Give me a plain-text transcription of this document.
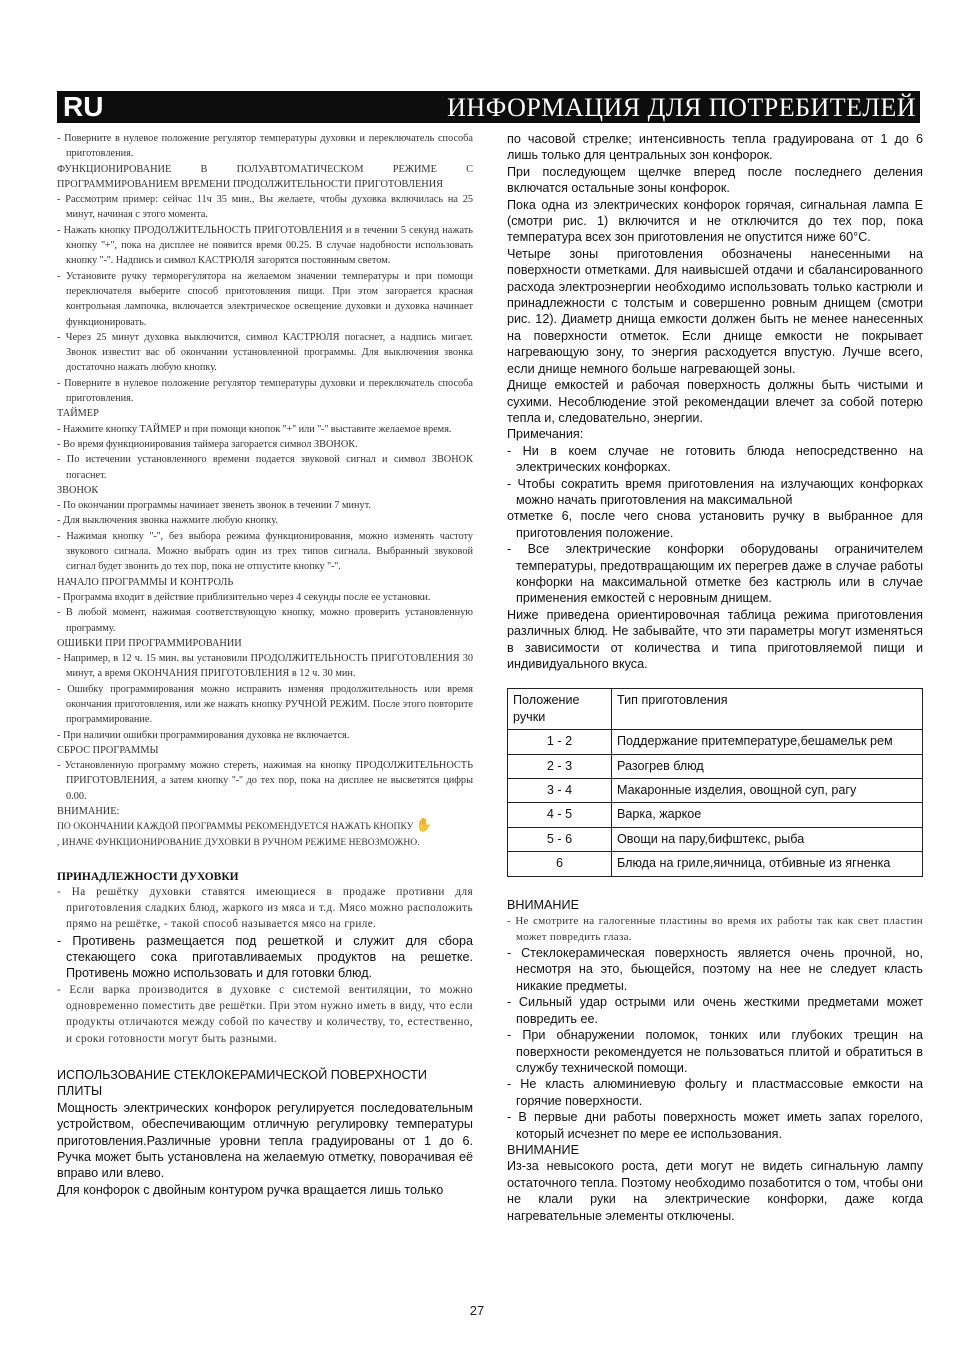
RU	ИНФОРМАЦИЯ ДЛЯ ПОТРЕБИТЕЛЕЙ

- Поверните в нулевое положение регулятор температуры духовки и переключатель способа приготовления.

ФУНКЦИОНИРОВАНИЕ В ПОЛУАВТОМАТИЧЕСКОМ РЕЖИМЕ С ПРОГРАММИРОВАНИЕМ ВРЕМЕНИ ПРОДОЛЖИТЕЛЬНОСТИ ПРИГОТОВЛЕНИЯ

- Рассмотрим пример: сейчас 11ч 35 мин., Вы желаете, чтобы духовка включилась на 25 минут, начиная с этого момента.

- Нажать кнопку ПРОДОЛЖИТЕЛЬНОСТЬ ПРИГОТОВЛЕНИЯ и в течении 5 секунд нажать кнопку ''+'', пока на дисплее не появится время 00.25. В случае надобности использовать кнопку ''-''. Надпись и символ КАСТРЮЛЯ загорятся постоянным светом.

- Установите ручку терморегулятора на желаемом значении температуры и при помощи переключателя выберите способ приготовления пищи. При этом загорается красная контрольная лампочка, включается электрическое освещение духовки и духовка начинает функционировать.

- Через 25 минут духовка выключится, символ КАСТРЮЛЯ погаснет, а надпись мигает. Звонок известит вас об окончании установленной программы. Для выключения звонка достаточно нажать любую кнопку.

- Поверните в нулевое положение регулятор температуры духовки и переключатель способа приготовления.

ТАЙМЕР

- Нажмите кнопку ТАЙМЕР и при помощи кнопок ''+'' или ''-'' выставите желаемое время.

- Во время функционирования таймера загорается символ ЗВОНОК.

- По истечении установленного времени подается звуковой сигнал и символ ЗВОНОК погаснет.

ЗВОНОК

- По окончании программы начинает звенеть звонок в течении 7 минут.

- Для выключения звонка нажмите любую кнопку.

- Нажимая кнопку ''-'', без выбора режима функционирования, можно изменять частоту звукового сигнала. Можно выбрать один из трех типов сигнала. Выбранный звуковой сигнал будет звонить до тех пор, пока не отпустите кнопку ''-''.

НАЧАЛО ПРОГРАММЫ И КОНТРОЛЬ

- Программа входит в действие приблизительно через 4 секунды после ее установки.

- В любой момент, нажимая соответствующую кнопку, можно проверить установленную программу.

ОШИБКИ ПРИ ПРОГРАММИРОВАНИИ

- Например, в 12 ч. 15 мин. вы установили ПРОДОЛЖИТЕЛЬНОСТЬ ПРИГОТОВЛЕНИЯ 30 минут, а время ОКОНЧАНИЯ ПРИГОТОВЛЕНИЯ в 12 ч. 30 мин.

- Ошибку программирования можно исправить изменяя продолжительность или время окончания приготовления, или же нажать кнопку РУЧНОЙ РЕЖИМ. После этого повторите программирование.

- При наличии ошибки программирования духовка не включается.

СБРОС ПРОГРАММЫ

- Установленную программу можно стереть, нажимая на кнопку ПРОДОЛЖИТЕЛЬНОСТЬ ПРИГОТОВЛЕНИЯ, а затем кнопку ''-'' до тех пор, пока на дисплее не высветятся цифры 0.00.

ВНИМАНИЕ:

ПО ОКОНЧАНИИ КАЖДОЙ ПРОГРАММЫ РЕКОМЕНДУЕТСЯ НАЖАТЬ КНОПКУ ✋
, ИНАЧЕ ФУНКЦИОНИРОВАНИЕ ДУХОВКИ В РУЧНОМ РЕЖИМЕ НЕВОЗМОЖНО.

ПРИНАДЛЕЖНОСТИ ДУХОВКИ

- На решётку духовки ставятся имеющиеся в продаже противни для приготовления сладких блюд, жаркого из мяса и т.д. Мясо можно расположить прямо на решётке, - такой способ называется мясо на гриле.

- Противень размещается под решеткой и служит для сбора стекающего сока приготавливаемых продуктов на решетке. Противень можно использовать и для готовки блюд.

- Если варка производится в духовке с системой вентиляции, то можно одновременно поместить две решётки. При этом нужно иметь в виду, что если продукты отличаются между собой по качеству и количеству, то, естественно, и сроки готовности могут быть разными.

ИСПОЛЬЗОВАНИЕ СТЕКЛОКЕРАМИЧЕСКОЙ ПОВЕРХНОСТИ ПЛИТЫ

Мощность электрических конфорок регулируется последовательным устройством, обеспечивающим отличную регулировку температуры приготовления.Различные уровни тепла градуированы от 1 до 6. Ручка может быть установлена на желаемую отметку, поворачивая её вправо или влево.

Для конфорок с двойным контуром ручка вращается лишь только

по часовой стрелке; интенсивность тепла градуирована от 1 до 6 лишь только для центральных зон конфорок.

При последующем щелчке вперед после последнего деления включатся остальные зоны конфорок.

Пока одна из электрических конфорок горячая, сигнальная лампа E (смотри рис. 1) включится и не отключится до тех пор, пока температура всех зон приготовления не опустится ниже 60°C.

Четыре зоны приготовления обозначены нанесенными на поверхности отметками. Для наивысшей отдачи и сбалансированного расхода электроэнергии необходимо использовать только кастрюли и принадлежности с толстым и совершенно ровным днищем (смотри рис. 12). Диаметр днища емкости должен быть не менее нанесенных на поверхности отметок. Если днище емкости не покрывает нагревающую зону, то энергия расходуется впустую. Лучше всего, если днище немного больше нагревающей зоны.

Днище емкостей и рабочая поверхность должны быть чистыми и сухими. Несоблюдение этой рекомендации влечет за собой потерю тепла и, следовательно, энергии.

Примечания:

- Ни в коем случае не готовить блюда непосредственно на электрических конфорках.

- Чтобы сократить время приготовления на излучающих конфорках можно начать приготовления на максимальной

отметке 6, после чего снова установить ручку в выбранное для приготовления положение.

- Все электрические конфорки оборудованы ограничителем температуры, предотвращающим их перегрев даже в случае работы конфорки на максимальной отметке без кастрюль или в случае применения емкостей с неровным днищем.

Ниже приведена ориентировочная таблица режима приготовления различных блюд. Не забывайте, что эти параметры могут изменяться в зависимости от количества и типа приготовляемой пищи и индивидуального вкуса.

Положение ручки	Тип приготовления
1 - 2	Поддержание притемпературе,бешамельк рем
2 - 3	Разогрев блюд
3 - 4	Макаронные изделия, овощной суп, рагу
4 - 5	Варка, жаркое
5 - 6	Овощи на пару,бифштекс, рыба
6	Блюда на гриле,яичница, отбивные из ягненка

ВНИМАНИЕ

- Не смотрите на галогенные пластины во время их работы так как свет пластин может повредить глаза.

- Стеклокерамическая поверхность является очень прочной, но, несмотря на это, бьющейся, поэтому на нее не следует класть никакие предметы.

- Сильный удар острыми или очень жесткими предметами может повредить ее.

- При обнаружении поломок, тонких или глубоких трещин на поверхности рекомендуется не пользоваться плитой и обратиться в службу технической помощи.

- Не класть алюминиевую фольгу и пластмассовые емкости на горячие поверхности.

- В первые дни работы поверхность может иметь запах горелого, который исчезнет по мере ее использования.

ВНИМАНИЕ

Из-за невысокого роста, дети могут не видеть сигнальную лампу остаточного тепла. Поэтому необходимо позаботится о том, чтобы они не клали руки на электрические конфорки, даже когда нагревательные элементы отключены.

27
